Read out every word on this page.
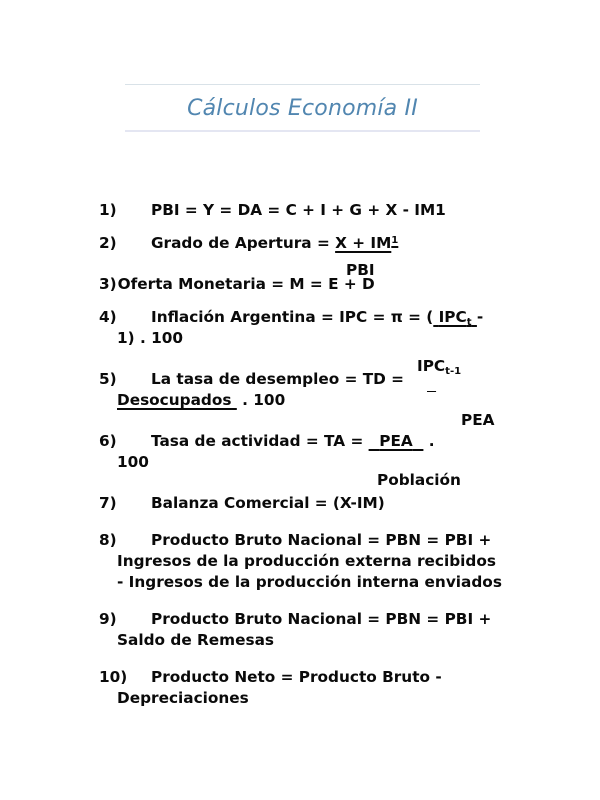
Cálculos Economía II
1) PBI = Y = DA = C + I + G + X - IM1
2) Grado de Apertura = $X + IM^1$
3)Oferta Monetaria = M = E + D
4) Inflación Argentina = IPC = π = ( $IPC_t$ -
1) . 100
5) La tasa de desempleo = TD =
Desocupados . 100
6) Tasa de actividad = TA =   PEA .
100
7) Balanza Comercial = (X-IM)
8) Producto Bruto Nacional = PBN = PBI +
Ingresos de la producción externa recibidos
- Ingresos de la producción interna enviados
9) Producto Bruto Nacional = PBN = PBI +
Saldo de Remesas
10) Producto Neto = Producto Bruto -
Depreciaciones
PBI
$IPC_{t-1}$

PEA
Población
